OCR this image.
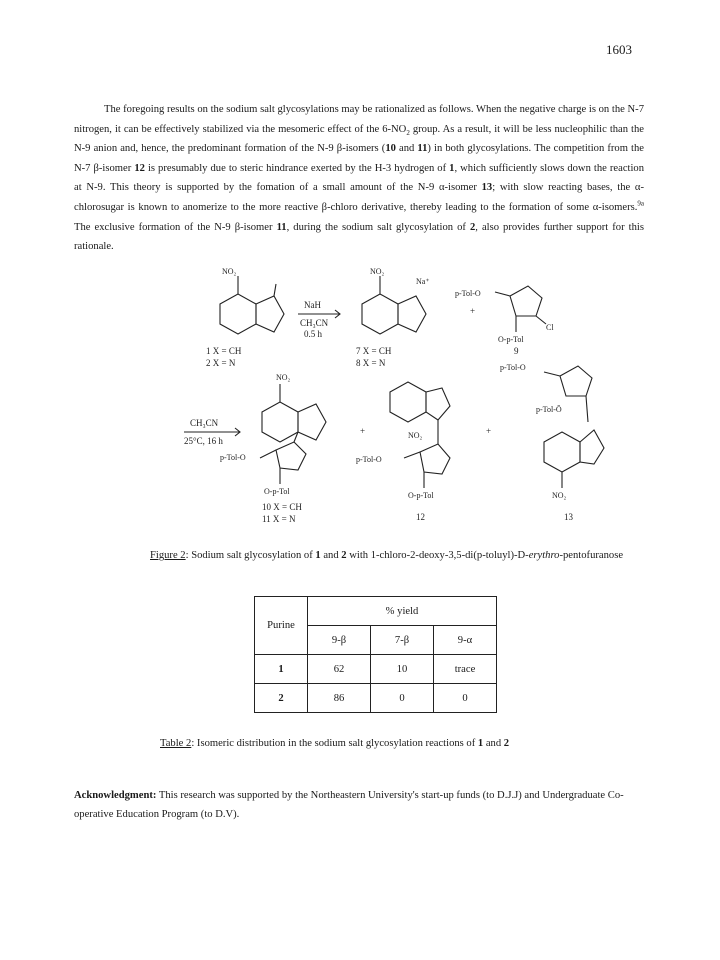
1603
The foregoing results on the sodium salt glycosylations may be rationalized as follows. When the negative charge is on the N-7 nitrogen, it can be effectively stabilized via the mesomeric effect of the $6-NO_2$ group. As a result, it will be less nucleophilic than the N-9 anion and, hence, the predominant formation of the N-9 β-isomers (10 and 11) in both glycosylations. The competition from the N-7 β-isomer 12 is presumably due to steric hindrance exerted by the H-3 hydrogen of 1, which sufficiently slows down the reaction at N-9. This theory is supported by the fomation of a small amount of the N-9 α-isomer 13; with slow reacting bases, the α-chlorosugar is known to anomerize to the more reactive β-chloro derivative, thereby leading to the formation of some α-isomers.$^{9a}$ The exclusive formation of the N-9 β-isomer 11, during the sodium salt glycosylation of 2, also provides further support for this rationale.
NO₂	NO₂
Na⁺
p-Tol-O
Cl
O-p-Tol
NO₂
p-Tol-O
O-p-Tol
NO₂
p-Tol-O
O-p-Tol
p-Tol-O
p-Tol-Ō
NO₂
NaH
CH₃CN
0.5 h
CH₃CN
25°C, 16 h
1 X = CH
2 X = N
7 X = CH
8 X = N
9
10 X = CH
11 X = N	12	13
+
+	+
Figure 2: Sodium salt glycosylation of 1 and 2 with 1-chloro-2-deoxy-3,5-di(p-toluyl)-D-erythro-pentofuranose
Purine	% yield		
	9-β	7-β	9-α
1	62	10	trace
2	86	0	0
Table 2: Isomeric distribution in the sodium salt glycosylation reactions of 1 and 2
Acknowledgment: This research was supported by the Northeastern University's start-up funds (to D.J.J) and Undergraduate Co-operative Education Program (to D.V).
